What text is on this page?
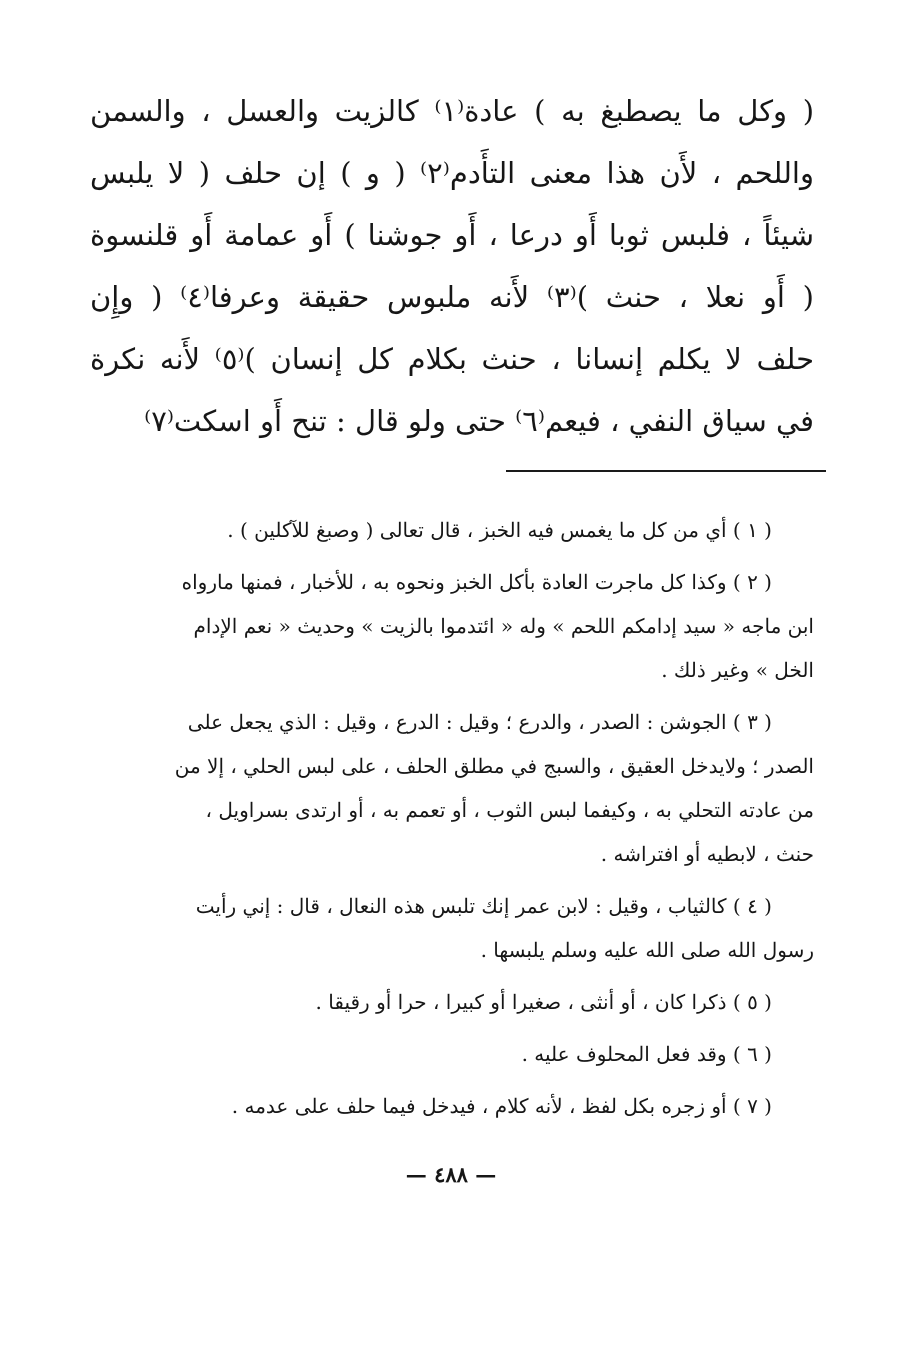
( وكل ما يصطبغ به ) عادة⁽١⁾ كالزيت والعسل ، والسمن
واللحم ، لأَن هذا معنى التأَدم⁽٢⁾ ( و ) إن حلف ( لا يلبس
شيئاً ، فلبس ثوبا أَو درعا ، أَو جوشنا ) أَو عمامة أَو قلنسوة
( أَو نعلا ، حنث )⁽٣⁾ لأَنه ملبوس حقيقة وعرفا⁽٤⁾ ( وإِن
حلف لا يكلم إنسانا ، حنث بكلام كل إنسان )⁽٥⁾ لأَنه نكرة
في سياق النفي ، فيعم⁽٦⁾ حتى ولو قال : تنح أَو اسكت⁽٧⁾
( ١ ) أي من كل ما يغمس فيه الخبز ، قال تعالى ( وصبغ للآكلين ) .
( ٢ ) وكذا كل ماجرت العادة بأكل الخبز ونحوه به ، للأخبار ، فمنها مارواه
ابن ماجه « سيد إدامكم اللحم » وله « ائتدموا بالزيت » وحديث « نعم الإدام
الخل » وغير ذلك .
( ٣ ) الجوشن : الصدر ، والدرع ؛ وقيل : الدرع ، وقيل : الذي يجعل على
الصدر ؛ ولايدخل العقيق ، والسبج في مطلق الحلف ، على لبس الحلي ، إلا من
من عادته التحلي به ، وكيفما لبس الثوب ، أو تعمم به ، أو ارتدى بسراويل ،
حنث ، لابطيه أو افتراشه .
( ٤ ) كالثياب ، وقيل : لابن عمر إنك تلبس هذه النعال ، قال : إني رأيت
رسول الله صلى الله عليه وسلم يلبسها .
( ٥ ) ذكرا كان ، أو أنثى ، صغيرا أو كبيرا ، حرا أو رقيقا .
( ٦ ) وقد فعل المحلوف عليه .
( ٧ ) أو زجره بكل لفظ ، لأنه كلام ، فيدخل فيما حلف على عدمه .
— ٤٨٨ —
